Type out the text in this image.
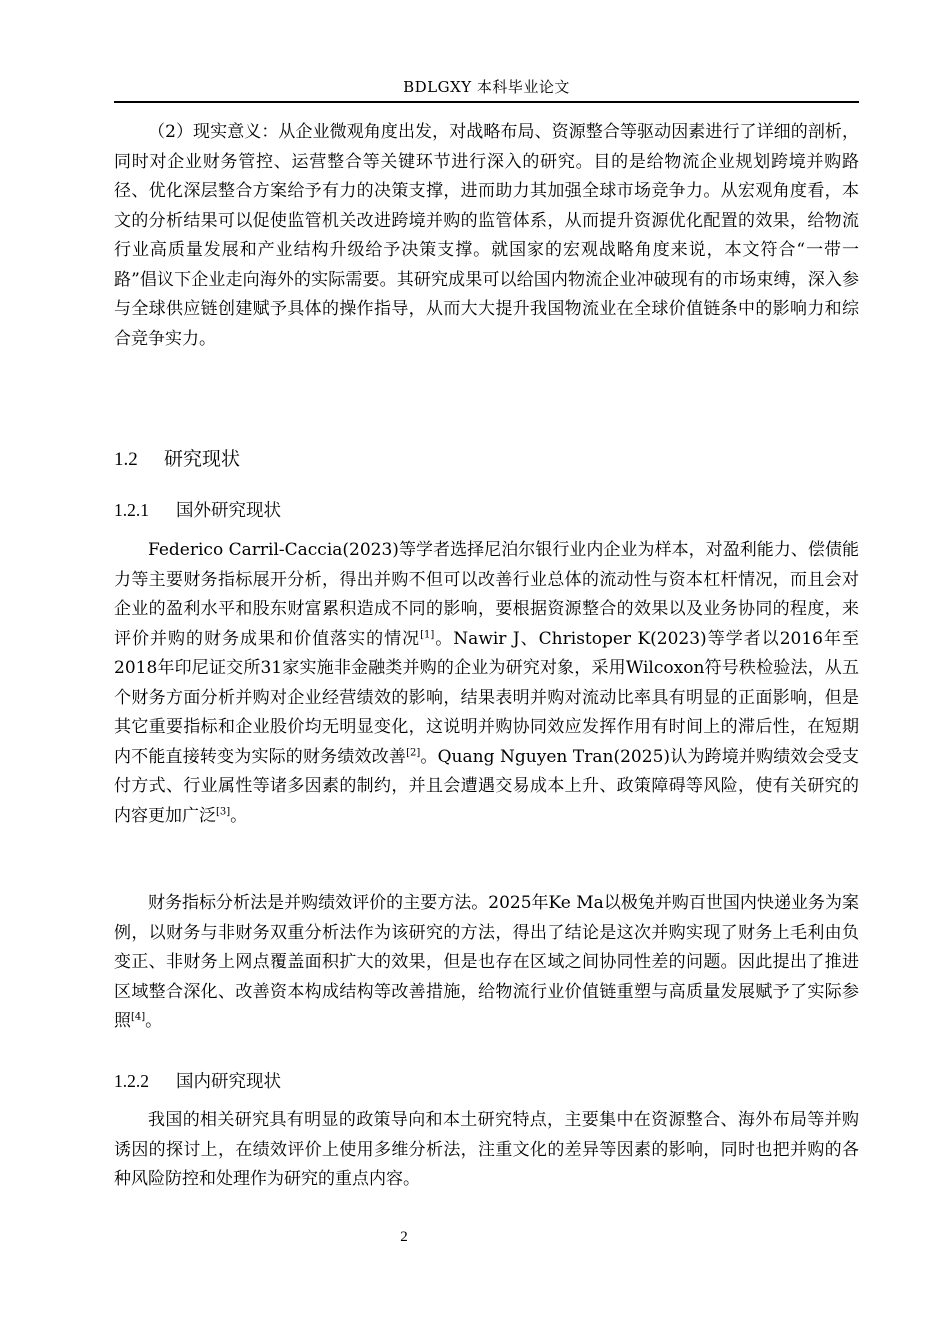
BDLGXY 本科毕业论文

（2）现实意义：从企业微观角度出发，对战略布局、资源整合等驱动因素进行了详细的剖析，同时对企业财务管控、运营整合等关键环节进行深入的研究。目的是给物流企业规划跨境并购路径、优化深层整合方案给予有力的决策支撑，进而助力其加强全球市场竞争力。从宏观角度看，本文的分析结果可以促使监管机关改进跨境并购的监管体系，从而提升资源优化配置的效果，给物流行业高质量发展和产业结构升级给予决策支撑。就国家的宏观战略角度来说，本文符合“一带一路”倡议下企业走向海外的实际需要。其研究成果可以给国内物流企业冲破现有的市场束缚，深入参与全球供应链创建赋予具体的操作指导，从而大大提升我国物流业在全球价值链条中的影响力和综合竞争实力。

1.2 研究现状
1.2.1 国外研究现状

Federico Carril-Caccia(2023)等学者选择尼泊尔银行业内企业为样本，对盈利能力、偿债能力等主要财务指标展开分析，得出并购不但可以改善行业总体的流动性与资本杠杆情况，而且会对企业的盈利水平和股东财富累积造成不同的影响，要根据资源整合的效果以及业务协同的程度，来评价并购的财务成果和价值落实的情况[1]。Nawir J、Christoper K(2023)等学者以2016年至2018年印尼证交所31家实施非金融类并购的企业为研究对象，采用Wilcoxon符号秩检验法，从五个财务方面分析并购对企业经营绩效的影响，结果表明并购对流动比率具有明显的正面影响，但是其它重要指标和企业股价均无明显变化，这说明并购协同效应发挥作用有时间上的滞后性，在短期内不能直接转变为实际的财务绩效改善[2]。Quang Nguyen Tran(2025)认为跨境并购绩效会受支付方式、行业属性等诸多因素的制约，并且会遭遇交易成本上升、政策障碍等风险，使有关研究的内容更加广泛[3]。

财务指标分析法是并购绩效评价的主要方法。2025年Ke Ma以极兔并购百世国内快递业务为案例，以财务与非财务双重分析法作为该研究的方法，得出了结论是这次并购实现了财务上毛利由负变正、非财务上网点覆盖面积扩大的效果，但是也存在区域之间协同性差的问题。因此提出了推进区域整合深化、改善资本构成结构等改善措施，给物流行业价值链重塑与高质量发展赋予了实际参照[4]。

1.2.2 国内研究现状

我国的相关研究具有明显的政策导向和本土研究特点，主要集中在资源整合、海外布局等并购诱因的探讨上，在绩效评价上使用多维分析法，注重文化的差异等因素的影响，同时也把并购的各种风险防控和处理作为研究的重点内容。

2
